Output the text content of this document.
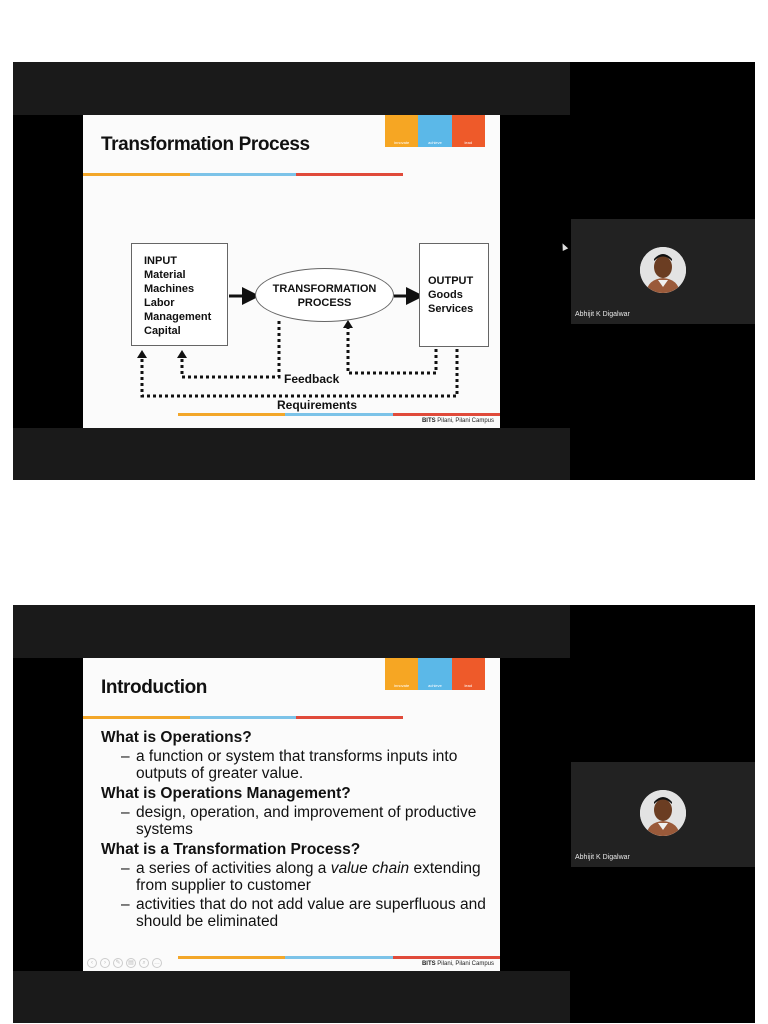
innovate	achieve	lead
Transformation Process
INPUT
Material
Machines
Labor
Management
Capital
TRANSFORMATION
PROCESS
OUTPUT
Goods
Services
Feedback
Requirements
BITS Pilani, Pilani Campus
Abhijit K Digalwar
innovate	achieve	lead
Introduction

What is Operations?

– a function or system that transforms inputs into outputs of greater value.

What is Operations Management?

– design, operation, and improvement of productive systems

What is a Transformation Process?

– a series of activities along a value chain extending from supplier to customer
– activities that do not add value are superfluous and should be eliminated
‹	›	✎	▤	⌕	…	BITS Pilani, Pilani Campus
Abhijit K Digalwar
